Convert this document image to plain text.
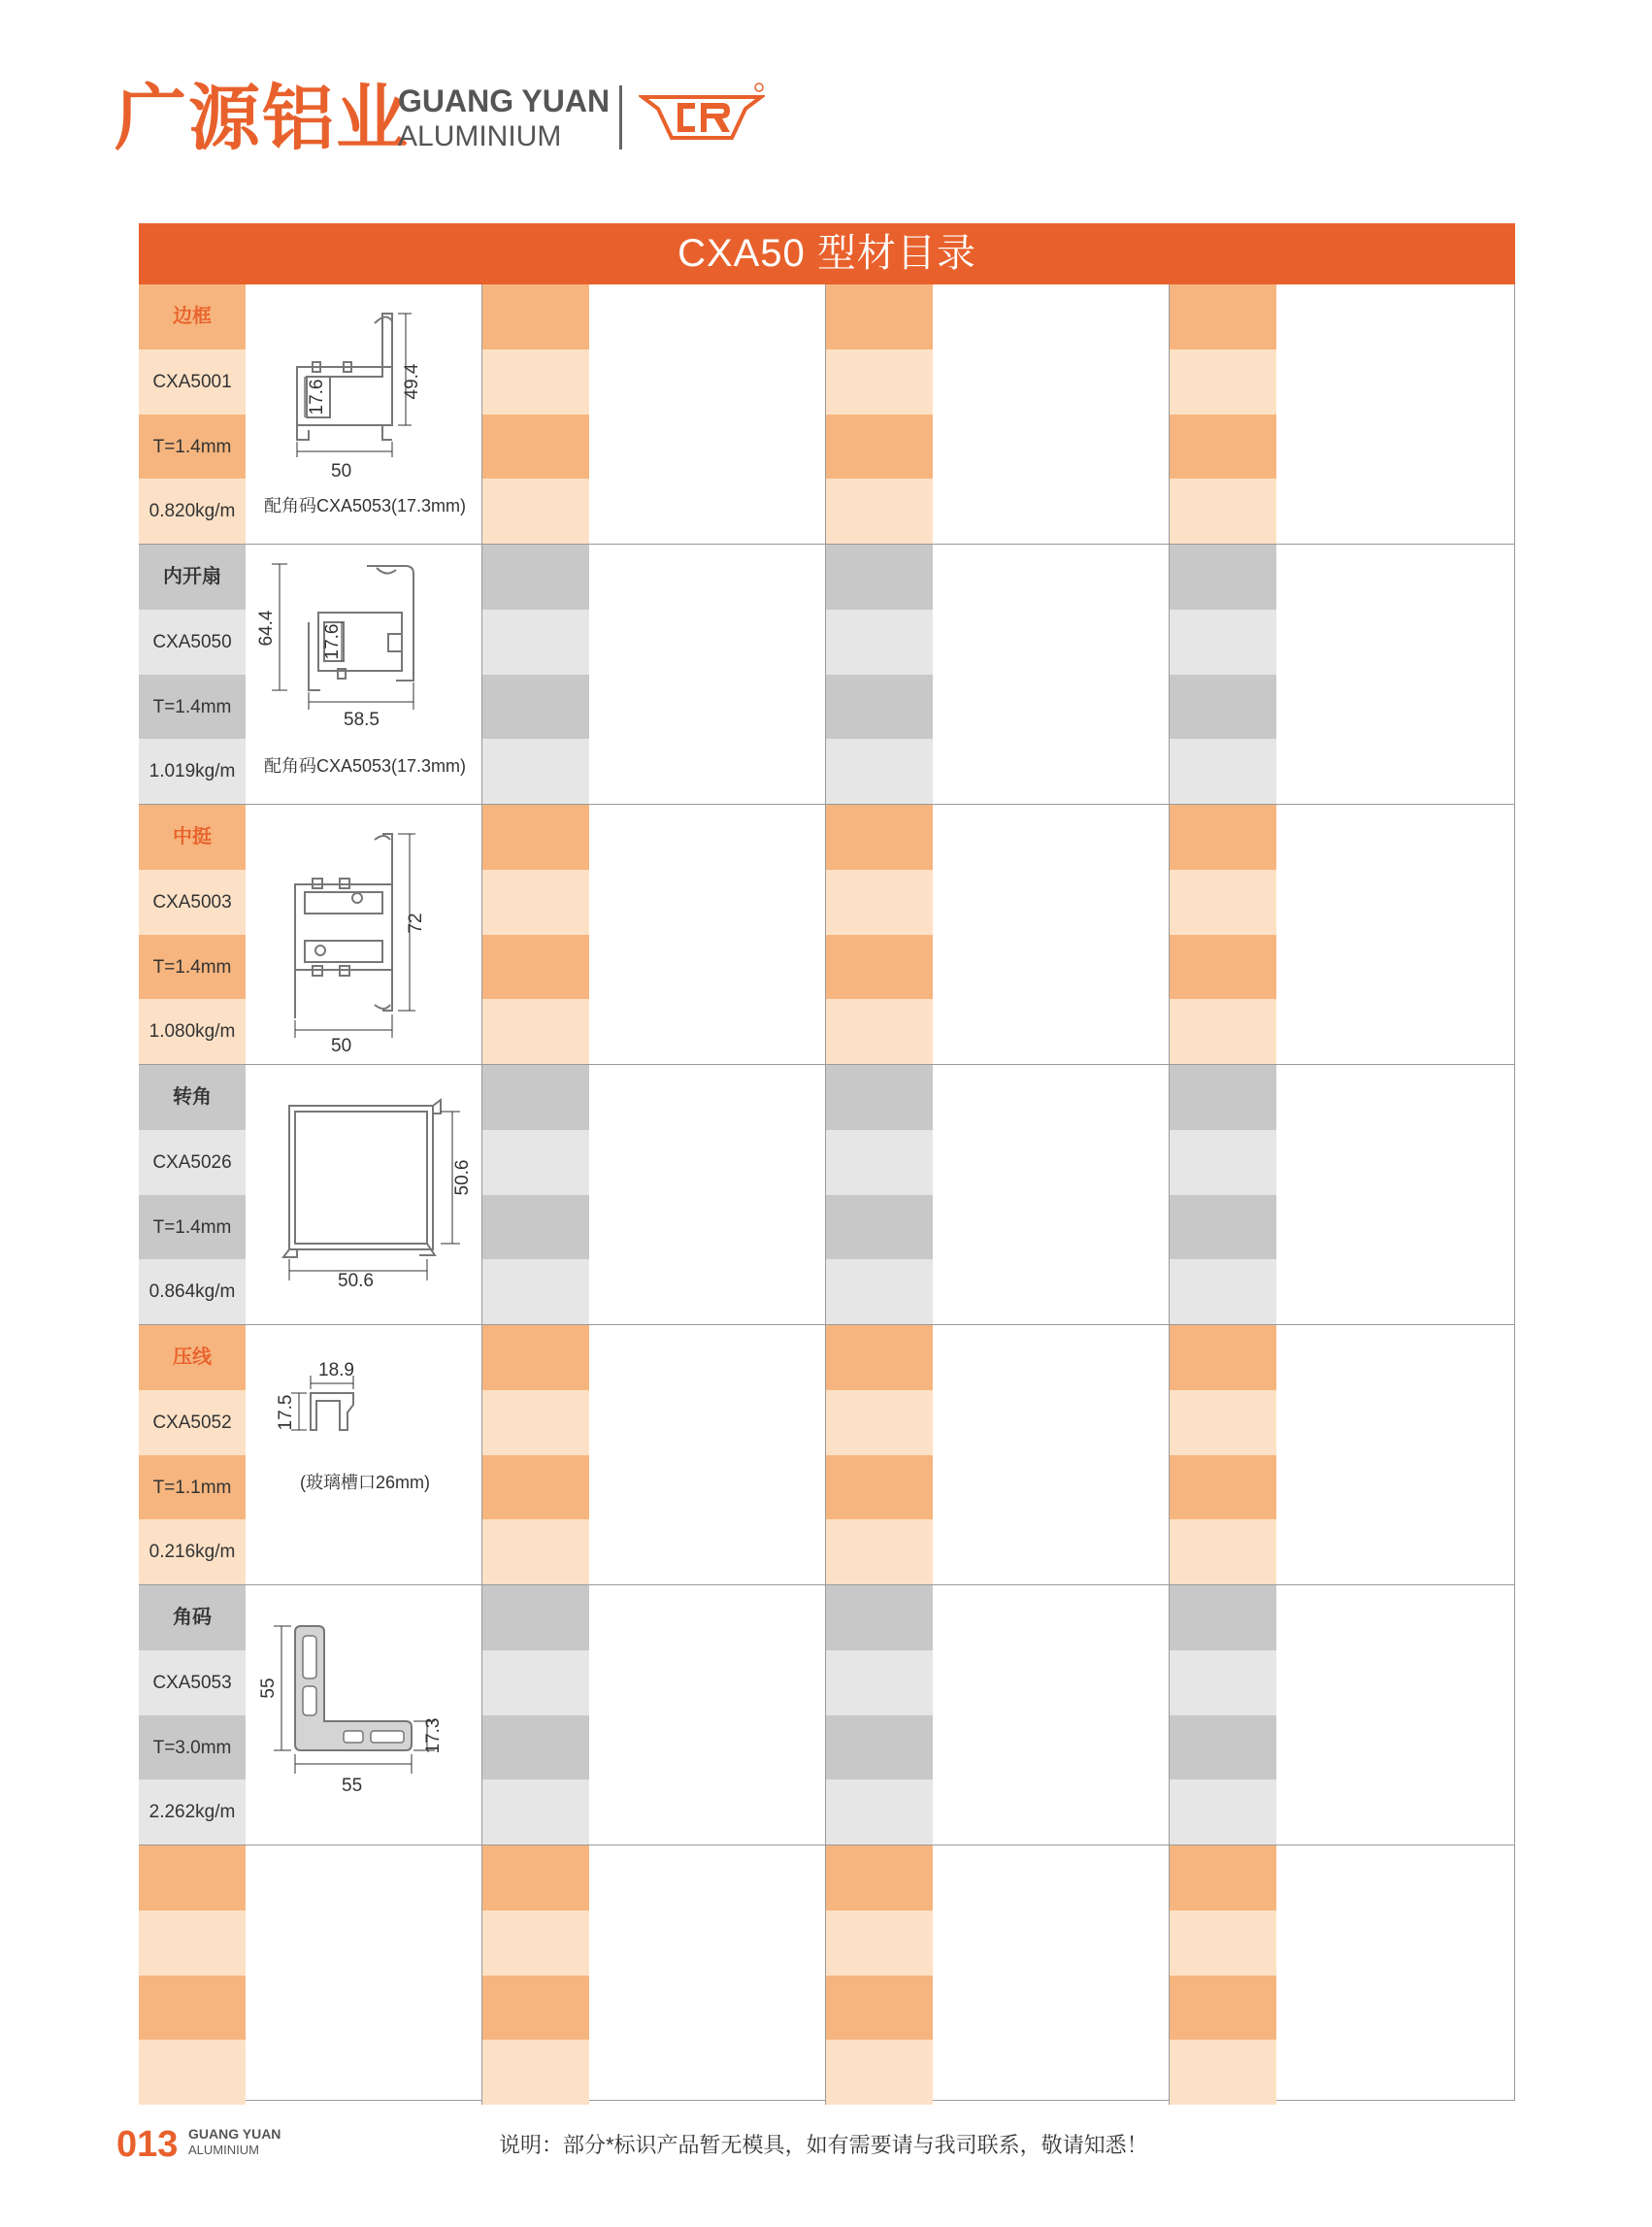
广源铝业
GUANG YUAN
ALUMINIUM
CXA50 型材目录
边框
CXA5001
T=1.4mm
0.820kg/m
50
49.4
17.6
配角码CXA5053(17.3mm)
内开扇
CXA5050
T=1.4mm
1.019kg/m
58.5
64.4 17.6
配角码CXA5053(17.3mm)
中挺
CXA5003
T=1.4mm
1.080kg/m
50
72
转角
CXA5026
T=1.4mm
0.864kg/m
50.6
50.6
压线
CXA5052
T=1.1mm
0.216kg/m
18.9
17.5
(玻璃槽口26mm)
角码
CXA5053
T=3.0mm
2.262kg/m
55
55
17.3
013 GUANG YUAN
ALUMINIUM	说明：部分*标识产品暂无模具，如有需要请与我司联系，敬请知悉！
